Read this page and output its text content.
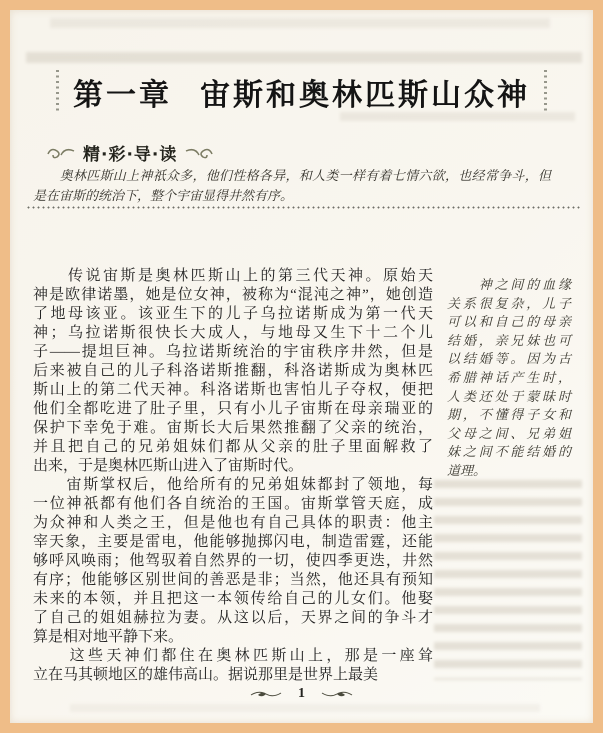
第一章 宙斯和奥林匹斯山众神
精·彩·导·读
　　奥林匹斯山上神祇众多，他们性格各异，和人类一样有着七情六欲，也经常争斗，但
是在宙斯的统治下，整个宇宙显得井然有序。
　　传说宙斯是奥林匹斯山上的第三代天神。原始天
神是欧律诺墨，她是位女神，被称为“混沌之神”，她创造
了地母该亚。该亚生下的儿子乌拉诺斯成为第一代天
神；乌拉诺斯很快长大成人，与地母又生下十二个儿
子——提坦巨神。乌拉诺斯统治的宇宙秩序井然，但是
后来被自己的儿子科洛诺斯推翻，科洛诺斯成为奥林匹
斯山上的第二代天神。科洛诺斯也害怕儿子夺权，便把
他们全都吃进了肚子里，只有小儿子宙斯在母亲瑞亚的
保护下幸免于难。宙斯长大后果然推翻了父亲的统治，
并且把自己的兄弟姐妹们都从父亲的肚子里面解救了
出来，于是奥林匹斯山进入了宙斯时代。
　　宙斯掌权后，他给所有的兄弟姐妹都封了领地，每
一位神祇都有他们各自统治的王国。宙斯掌管天庭，成
为众神和人类之王，但是他也有自己具体的职责：他主
宰天象，主要是雷电，他能够抛掷闪电，制造雷霆，还能
够呼风唤雨；他驾驭着自然界的一切，使四季更迭，井然
有序；他能够区别世间的善恶是非；当然，他还具有预知
未来的本领，并且把这一本领传给自己的儿女们。他娶
了自己的姐姐赫拉为妻。从这以后，天界之间的争斗才
算是相对地平静下来。
　　这些天神们都住在奥林匹斯山上，那是一座耸
立在马其顿地区的雄伟高山。据说那里是世界上最美
　　神之间的血缘
关系很复杂，儿子
可以和自己的母亲
结婚，亲兄妹也可
以结婚等。因为古
希腊神话产生时，
人类还处于蒙昧时
期，不懂得子女和
父母之间、兄弟姐
妹之间不能结婚的
道理。
1
